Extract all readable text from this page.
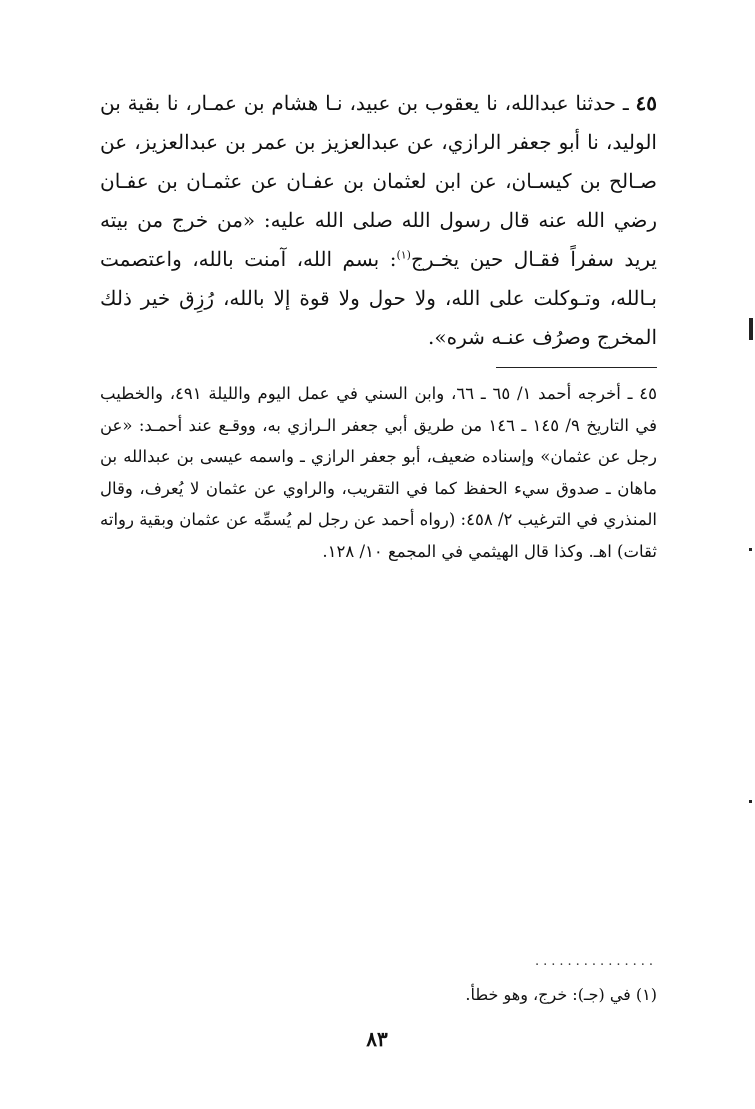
٤٥ ـ حدثنا عبدالله، نا يعقوب بن عبيد، نـا هشام بن عمـار، نا بقية بن الوليد، نا أبو جعفر الرازي، عن عبدالعزيز بن عمر بن عبدالعزيز، عن صـالح بن كيسـان، عن ابن لعثمان بن عفـان عن عثمـان بن عفـان رضي الله عنه قال رسول الله صلى الله عليه: «من خرج من بيته يريد سفراً فقـال حين يخـرج$^{(١)}$: بسم الله، آمنت بالله، واعتصمت بـالله، وتـوكلت على الله، ولا حول ولا قوة إلا بالله، رُزِق خير ذلك المخرج وصرُف عنـه شره».

٤٥ ـ أخرجه أحمد ١/ ٦٥ ـ ٦٦، وابن السني في عمل اليوم والليلة ٤٩١، والخطيب في التاريخ ٩/ ١٤٥ ـ ١٤٦ من طريق أبي جعفر الـرازي به، ووقـع عند أحمـد: «عن رجل عن عثمان» وإسناده ضعيف، أبو جعفر الرازي ـ واسمه عيسى بن عبدالله بن ماهان ـ صدوق سيء الحفظ كما في التقريب، والراوي عن عثمان لا يُعرف، وقال المنذري في الترغيب ٢/ ٤٥٨: (رواه أحمد عن رجل لم يُسمِّه عن عثمان وبقية رواته ثقات) اهـ. وكذا قال الهيثمي في المجمع ١٠/ ١٢٨.

...............
(١) في (جـ): خرج، وهو خطأ.
٨٣
